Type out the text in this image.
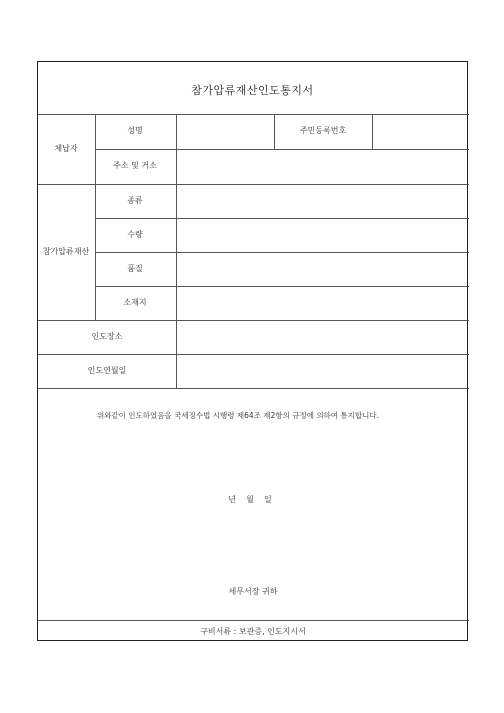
참가압류재산인도통지서
체납자
성명	주민등록번호
주소 및 거소
참가압류재산
종류
수량
품질
소재지
인도장소
인도연월일
위와같이 인도하였음을 국세징수법 시행령 제64조 제2항의 규정에 의하여 통지합니다.
년    월    일
세무서장 귀하
구비서류 : 보관증, 인도지시서
